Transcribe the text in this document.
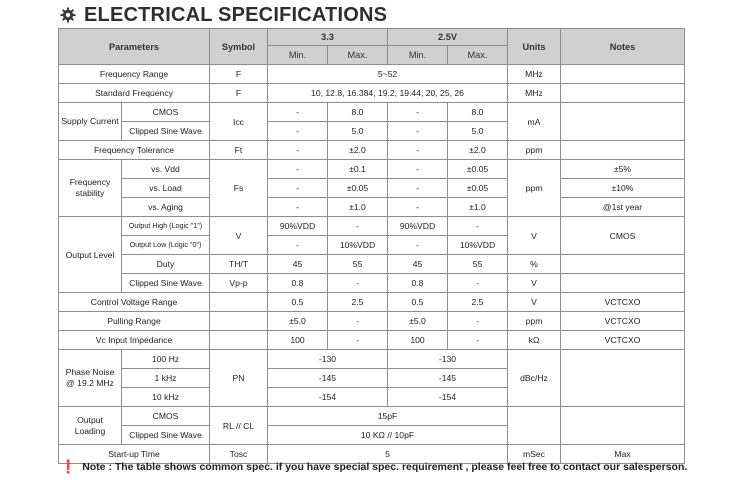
ELECTRICAL SPECIFICATIONS
Parameters		Symbol	3.3		2.5V		Units	Notes
			Min.	Max.	Min.	Max.		
Frequency Range		F	5~52				MHz	
Standard Frequency		F	10, 12.8, 16.384, 19.2, 19.44, 20, 25, 26				MHz	
Supply Current	CMOS	Icc	-	8.0	-	8.0	mA	
	Clipped Sine Wave		-	5.0	-	5.0		
Frequency Tolerance		Ft	-	±2.0	-	±2.0	ppm	
Frequency stability	vs. Vdd	Fs	-	±0.1	-	±0.05	ppm	±5%
	vs. Load		-	±0.05	-	±0.05		±10%
	vs. Aging		-	±1.0	-	±1.0		@1st year
Output Level	Output High (Logic "1")	V	90%VDD	-	90%VDD	-	V	CMOS
	Output Low (Logic "0")		-	10%VDD	-	10%VDD		
	Duty	TH/T	45	55	45	55	%	
	Clipped Sine Wave	Vp-p	0.8	-	0.8	-	V	
Control Voltage Range			0.5	2.5	0.5	2.5	V	VCTCXO
Pulling Range			±5.0	-	±5.0	-	ppm	VCTCXO
Vc Input Impedance			100	-	100	-	kΩ	VCTCXO
Phase Noise @ 19.2 MHz	100 Hz	PN	-130		-130		dBc/Hz	
	1 kHz		-145		-145			
	10 kHz		-154		-154			
Output Loading	CMOS	RL // CL	15pF					
	Clipped Sine Wave		10 KΩ // 10pF					
Start-up Time		Tosc	5				mSec	Max
❗ Note : The table shows common spec. if you have special spec. requirement , please feel free to contact our salesperson.
